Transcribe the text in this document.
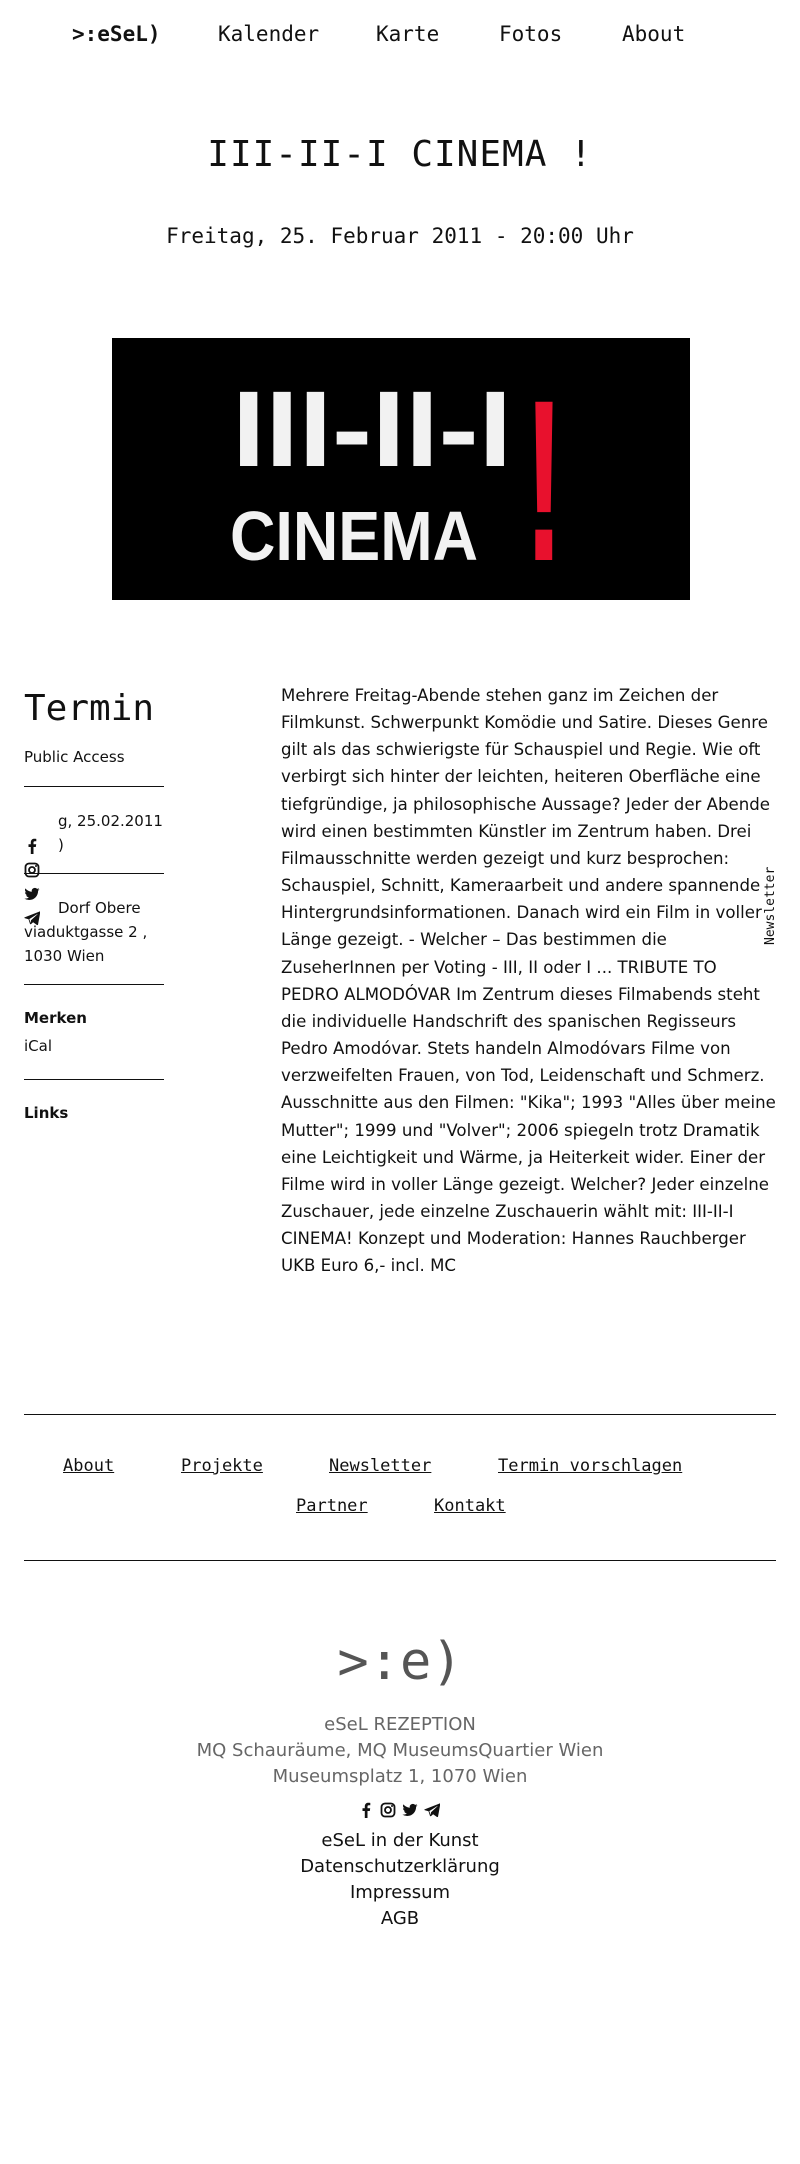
>:eSeL)	Kalender	Karte	Fotos	About
III-II-I CINEMA !
Freitag, 25. Februar 2011 - 20:00 Uhr
III-II-I
CINEMA !
Termin
Public Access
g, 25.02.2011
)
Dorf Obere
viaduktgasse 2 ,
1030 Wien
Merken
iCal
Links
Newsletter
Mehrere Freitag-Abende stehen ganz im Zeichen der Filmkunst. Schwerpunkt Komödie und Satire. Dieses Genre gilt als das schwierigste für Schauspiel und Regie. Wie oft verbirgt sich hinter der leichten, heiteren Oberfläche eine tiefgründige, ja philosophische Aussage? Jeder der Abende wird einen bestimmten Künstler im Zentrum haben. Drei Filmausschnitte werden gezeigt und kurz besprochen: Schauspiel, Schnitt, Kameraarbeit und andere spannende Hintergrundsinformationen. Danach wird ein Film in voller Länge gezeigt. - Welcher – Das bestimmen die ZuseherInnen per Voting - III, II oder I ... TRIBUTE TO PEDRO ALMODÓVAR Im Zentrum dieses Filmabends steht die individuelle Handschrift des spanischen Regisseurs Pedro Amodóvar. Stets handeln Almodóvars Filme von verzweifelten Frauen, von Tod, Leidenschaft und Schmerz. Ausschnitte aus den Filmen: "Kika"; 1993 "Alles über meine Mutter"; 1999 und "Volver"; 2006 spiegeln trotz Dramatik eine Leichtigkeit und Wärme, ja Heiterkeit wider. Einer der Filme wird in voller Länge gezeigt. Welcher? Jeder einzelne Zuschauer, jede einzelne Zuschauerin wählt mit: III-II-I CINEMA! Konzept und Moderation: Hannes Rauchberger UKB Euro 6,- incl. MC
About	Projekte	Newsletter	Termin vorschlagen
Partner	Kontakt
>:e)
eSeL REZEPTION
MQ Schauräume, MQ MuseumsQuartier Wien
Museumsplatz 1, 1070 Wien
eSeL in der Kunst
Datenschutzerklärung
Impressum
AGB
